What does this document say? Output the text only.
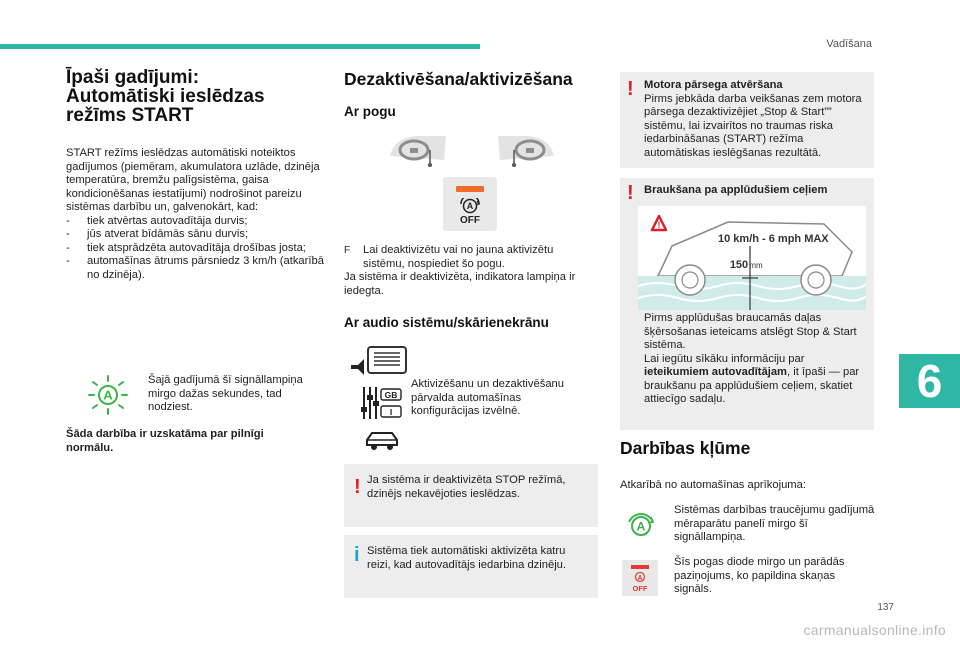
Vadīšana
6
137
carmanualsonline.info
Īpaši gadījumi:
Automātiski ieslēdzas
režīms START
START režīms ieslēdzas automātiski noteiktos gadījumos (piemēram, akumulatora uzlāde, dzinēja temperatūra, bremžu palīgsistēma, gaisa kondicionēšanas iestatījumi) nodrošinot pareizu sistēmas darbību un, galvenokārt, kad:
- tiek atvērtas autovadītāja durvis;
- jūs atverat bīdāmās sānu durvis;
- tiek atsprādzēta autovadītāja drošības josta;
- automašīnas ātrums pārsniedz 3 km/h (atkarībā no dzinēja).
A
Šajā gadījumā šī signāllampiņa mirgo dažas sekundes, tad nodziest.
Šāda darbība ir uzskatāma par pilnīgi normālu.
Dezaktivēšana/aktivizēšana
Ar pogu
A
OFF
F Lai deaktivizētu vai no jauna aktivizētu sistēmu, nospiediet šo pogu.
Ja sistēma ir deaktivizēta, indikatora lampiņa ir iedegta.
Ar audio sistēmu/skārienekrānu
GB
I
Aktivizēšanu un dezaktivēšanu pārvalda automašīnas konfigurācijas izvēlnē.
! Ja sistēma ir deaktivizēta STOP režīmā, dzinējs nekavējoties ieslēdzas.
i Sistēma tiek automātiski aktivizēta katru reizi, kad autovadītājs iedarbina dzinēju.
! Motora pārsega atvēršana
Pirms jebkāda darba veikšanas zem motora pārsega dezaktivizējiet „Stop & Start”” sistēmu, lai izvairītos no traumas riska iedarbināšanas (START) režīma automātiskas ieslēgšanas rezultātā.
! Braukšana pa applūdušiem ceļiem
!
10 km/h - 6 mph MAX
150 mm
Pirms applūdušas braucamās daļas šķērsošanas ieteicams atslēgt Stop & Start sistēma.
Lai iegūtu sīkāku informāciju par ieteikumiem autovadītājam, it īpaši — par braukšanu pa applūdušiem ceļiem, skatiet attiecīgo sadaļu.
Darbības kļūme
Atkarībā no automašīnas aprīkojuma:
A
Sistēmas darbības traucējumu gadījumā mēraparātu panelī mirgo šī signāllampiņa.
A
OFF
Šīs pogas diode mirgo un parādās paziņojums, ko papildina skaņas signāls.
